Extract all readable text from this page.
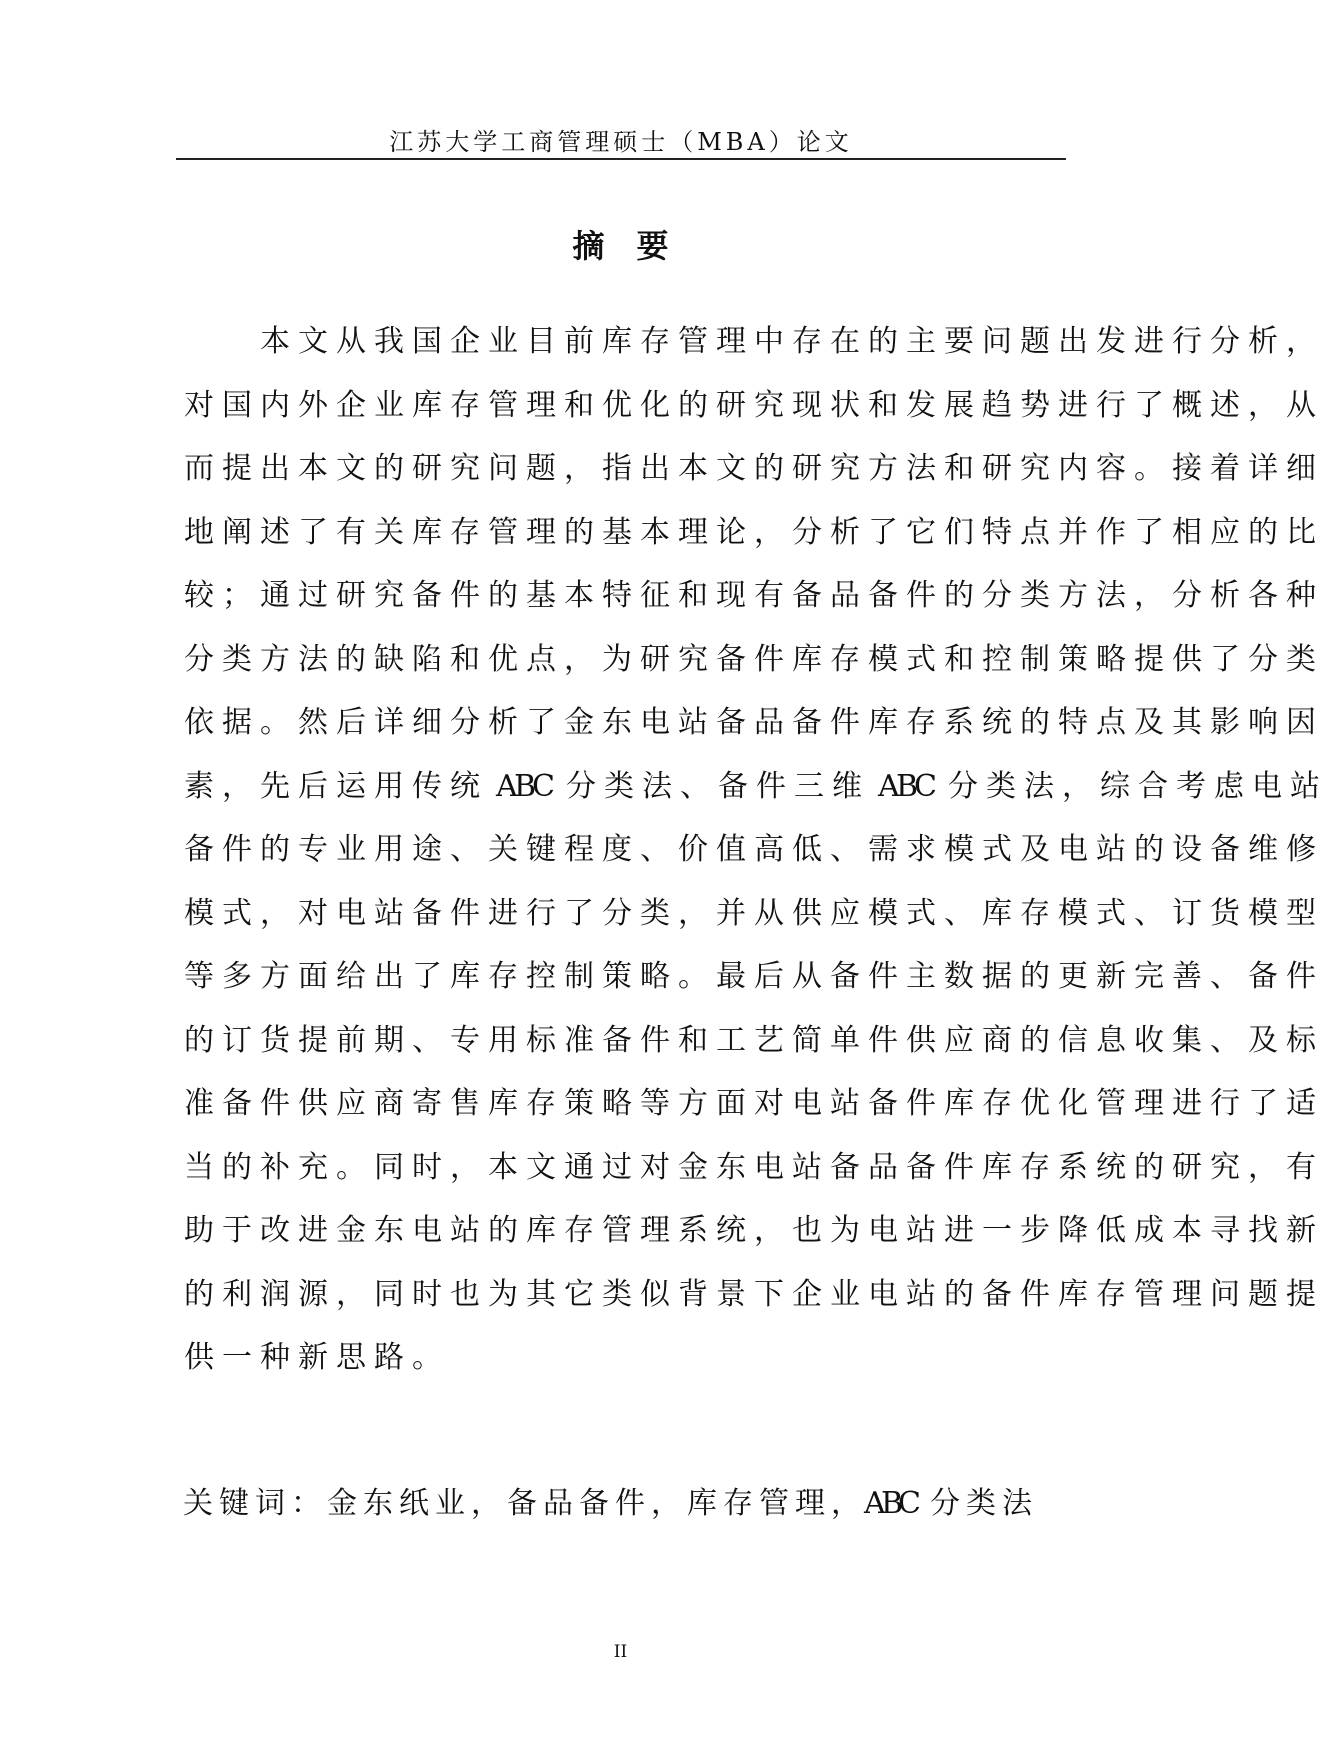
江苏大学工商管理硕士（MBA）论文
摘 要
　　本 文 从 我 国 企 业 目 前 库 存 管 理 中 存 在 的 主 要 问 题 出 发 进 行 分 析 ，
对 国 内 外 企 业 库 存 管 理 和 优 化 的 研 究 现 状 和 发 展 趋 势 进 行 了 概 述 ， 从
而 提 出 本 文 的 研 究 问 题 ， 指 出 本 文 的 研 究 方 法 和 研 究 内 容 。 接 着 详 细
地 阐 述 了 有 关 库 存 管 理 的 基 本 理 论 ， 分 析 了 它 们 特 点 并 作 了 相 应 的 比
较 ； 通 过 研 究 备 件 的 基 本 特 征 和 现 有 备 品 备 件 的 分 类 方 法 ， 分 析 各 种
分 类 方 法 的 缺 陷 和 优 点 ， 为 研 究 备 件 库 存 模 式 和 控 制 策 略 提 供 了 分 类
依 据 。 然 后 详 细 分 析 了 金 东 电 站 备 品 备 件 库 存 系 统 的 特 点 及 其 影 响 因
素 ， 先 后 运 用 传 统 ABC 分 类 法 、 备 件 三 维 ABC 分 类 法 ， 综 合 考 虑 电 站
备 件 的 专 业 用 途 、 关 键 程 度 、 价 值 高 低 、 需 求 模 式 及 电 站 的 设 备 维 修
模 式 ， 对 电 站 备 件 进 行 了 分 类 ， 并 从 供 应 模 式 、 库 存 模 式 、 订 货 模 型
等 多 方 面 给 出 了 库 存 控 制 策 略 。 最 后 从 备 件 主 数 据 的 更 新 完 善 、 备 件
的 订 货 提 前 期 、 专 用 标 准 备 件 和 工 艺 简 单 件 供 应 商 的 信 息 收 集 、 及 标
准 备 件 供 应 商 寄 售 库 存 策 略 等 方 面 对 电 站 备 件 库 存 优 化 管 理 进 行 了 适
当 的 补 充 。 同 时 ， 本 文 通 过 对 金 东 电 站 备 品 备 件 库 存 系 统 的 研 究 ， 有
助 于 改 进 金 东 电 站 的 库 存 管 理 系 统 ， 也 为 电 站 进 一 步 降 低 成 本 寻 找 新
的 利 润 源 ， 同 时 也 为 其 它 类 似 背 景 下 企 业 电 站 的 备 件 库 存 管 理 问 题 提
供 一 种 新 思 路 。
关 键 词 ： 金 东 纸 业 ， 备 品 备 件 ， 库 存 管 理 ， ABC 分 类 法
II
